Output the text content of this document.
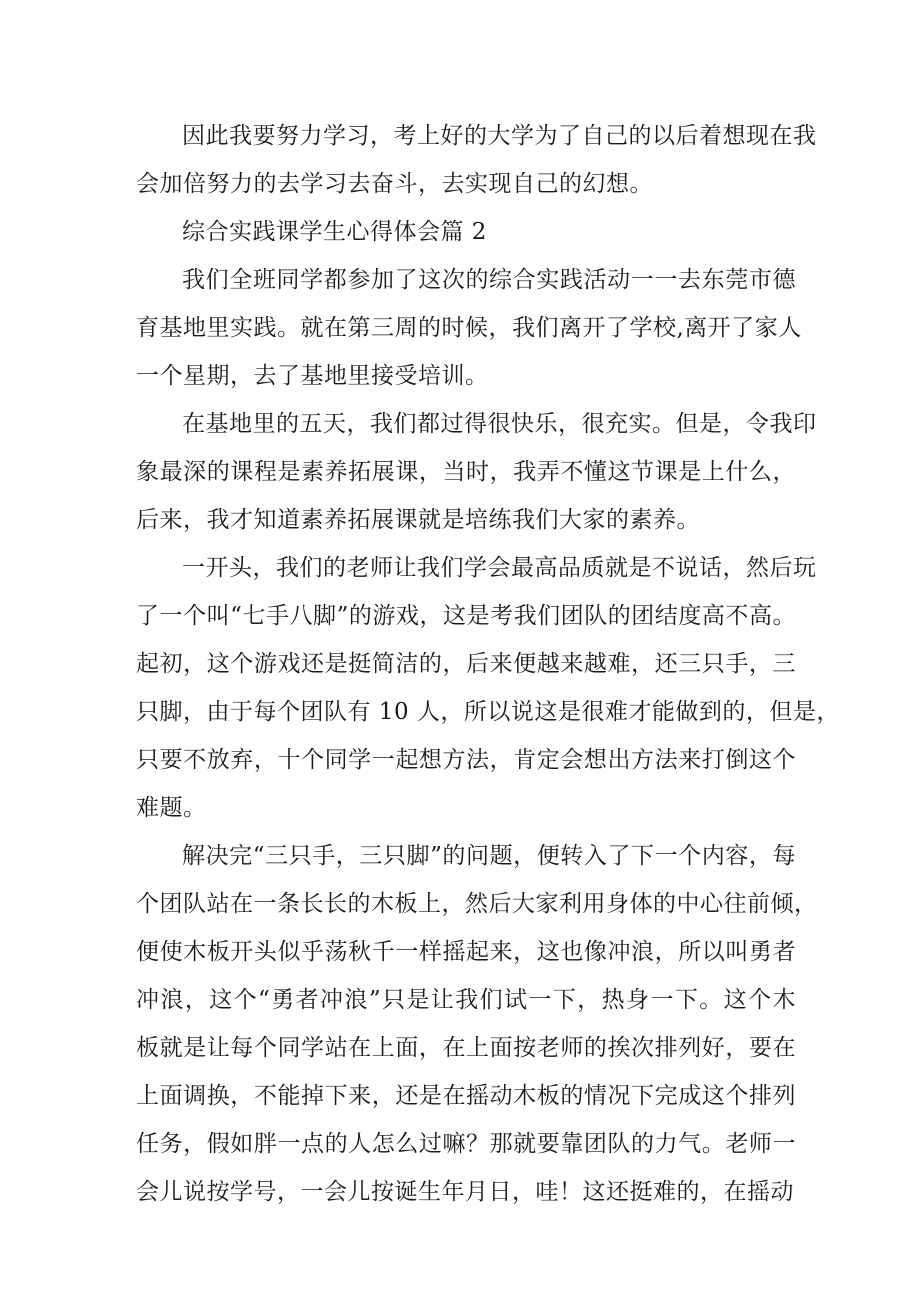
因此我要努力学习，考上好的大学为了自己的以后着想现在我
会加倍努力的去学习去奋斗，去实现自己的幻想。
综合实践课学生心得体会篇 2
我们全班同学都参加了这次的综合实践活动一一去东莞市德
育基地里实践。就在第三周的时候，我们离开了学校,离开了家人
一个星期，去了基地里接受培训。
在基地里的五天，我们都过得很快乐，很充实。但是，令我印
象最深的课程是素养拓展课，当时，我弄不懂这节课是上什么，
后来，我才知道素养拓展课就是培练我们大家的素养。
一开头，我们的老师让我们学会最高品质就是不说话，然后玩
了一个叫“七手八脚”的游戏，这是考我们团队的团结度高不高。
起初，这个游戏还是挺简洁的，后来便越来越难，还三只手，三
只脚，由于每个团队有 10 人，所以说这是很难才能做到的，但是，
只要不放弃，十个同学一起想方法，肯定会想出方法来打倒这个
难题。
解决完“三只手，三只脚”的问题，便转入了下一个内容，每
个团队站在一条长长的木板上，然后大家利用身体的中心往前倾，
便使木板开头似乎荡秋千一样摇起来，这也像冲浪，所以叫勇者
冲浪，这个“勇者冲浪”只是让我们试一下，热身一下。这个木
板就是让每个同学站在上面，在上面按老师的挨次排列好，要在
上面调换，不能掉下来，还是在摇动木板的情况下完成这个排列
任务，假如胖一点的人怎么过嘛？那就要靠团队的力气。老师一
会儿说按学号，一会儿按诞生年月日，哇！这还挺难的，在摇动
